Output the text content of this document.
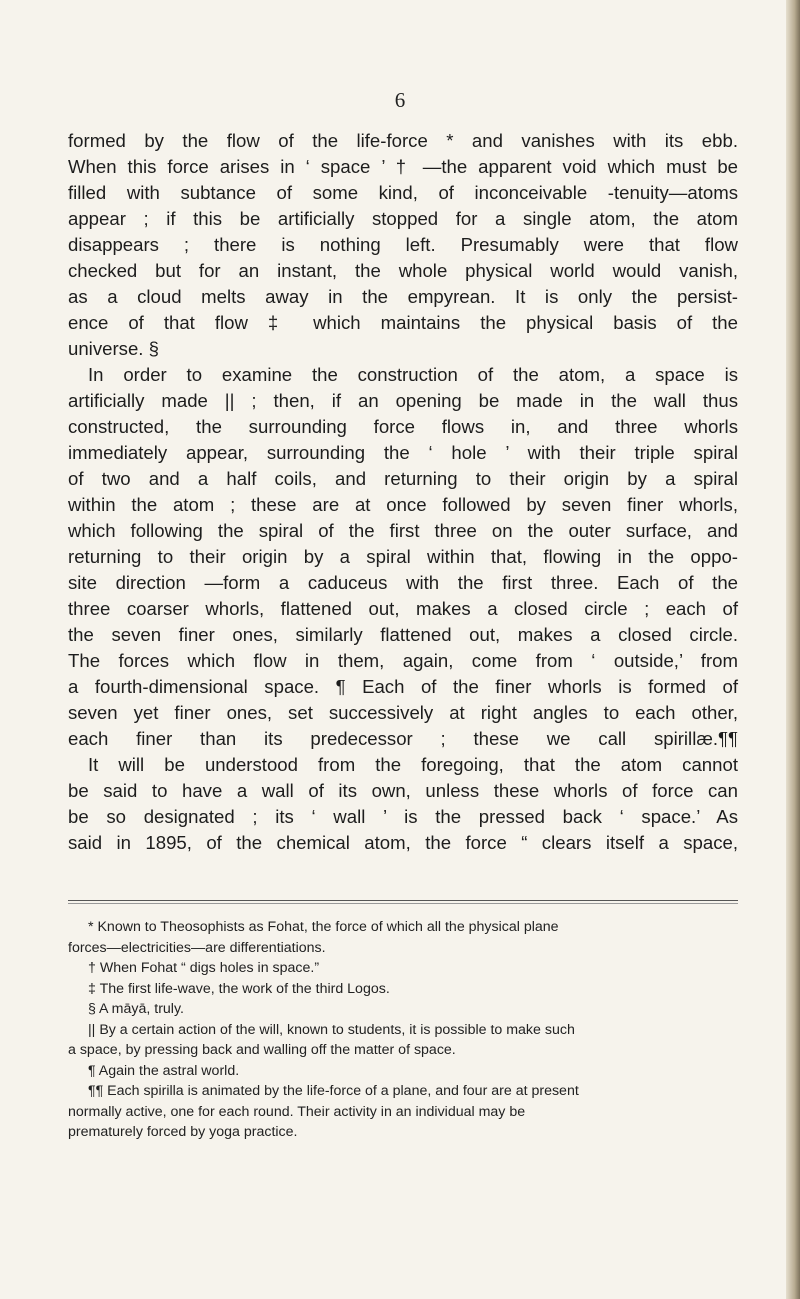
6
formed by the flow of the life-force * and vanishes with its ebb.
When this force arises in ‘ space ’ † —the apparent void which must be
filled with subtance of some kind, of inconceivable -tenuity—atoms
appear ; if this be artificially stopped for a single atom, the atom
disappears ; there is nothing left. Presumably were that flow
checked but for an instant, the whole physical world would vanish,
as a cloud melts away in the empyrean. It is only the persist-
ence of that flow ‡ which maintains the physical basis of the
universe. §
In order to examine the construction of the atom, a space is
artificially made || ; then, if an opening be made in the wall thus
constructed, the surrounding force flows in, and three whorls
immediately appear, surrounding the ‘ hole ’ with their triple spiral
of two and a half coils, and returning to their origin by a spiral
within the atom ; these are at once followed by seven finer whorls,
which following the spiral of the first three on the outer surface, and
returning to their origin by a spiral within that, flowing in the oppo-
site direction —form a caduceus with the first three. Each of the
three coarser whorls, flattened out, makes a closed circle ; each of
the seven finer ones, similarly flattened out, makes a closed circle.
The forces which flow in them, again, come from ‘ outside,’ from
a fourth-dimensional space. ¶ Each of the finer whorls is formed of
seven yet finer ones, set successively at right angles to each other,
each finer than its predecessor ; these we call spirillæ.¶¶
It will be understood from the foregoing, that the atom cannot
be said to have a wall of its own, unless these whorls of force can
be so designated ; its ‘ wall ’ is the pressed back ‘ space.’ As
said in 1895, of the chemical atom, the force “ clears itself a space,
* Known to Theosophists as Fohat, the force of which all the physical plane
forces—electricities—are differentiations.
† When Fohat “ digs holes in space.”
‡ The first life-wave, the work of the third Logos.
§ A māyā, truly.
|| By a certain action of the will, known to students, it is possible to make such
a space, by pressing back and walling off the matter of space.
¶ Again the astral world.
¶¶ Each spirilla is animated by the life-force of a plane, and four are at present
normally active, one for each round. Their activity in an individual may be
prematurely forced by yoga practice.
